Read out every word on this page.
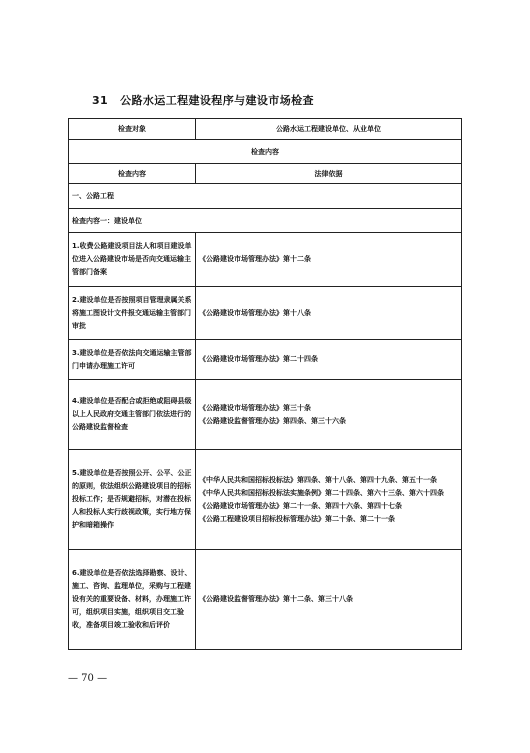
31 公路水运工程建设程序与建设市场检查
检查对象	公路水运工程建设单位、从业单位
检查内容	
检查内容	法律依据
一、公路工程	
检查内容一：建设单位	
1.收费公路建设项目法人和项目建设单位进入公路建设市场是否向交通运输主管部门备案	《公路建设市场管理办法》第十二条

2.建设单位是否按照项目管理隶属关系将施工图设计文件报交通运输主管部门审批	《公路建设市场管理办法》第十八条

3.建设单位是否依法向交通运输主管部门申请办理施工许可	《公路建设市场管理办法》第二十四条

4.建设单位是否配合或拒绝或阻碍县级以上人民政府交通主管部门依法进行的公路建设监督检查	《公路建设市场管理办法》第三十条
《公路建设监督管理办法》第四条、第三十六条

5.建设单位是否按照公开、公平、公正的原则，依法组织公路建设项目的招标投标工作；是否规避招标，对潜在投标人和投标人实行歧视政策，实行地方保护和暗箱操作	《中华人民共和国招标投标法》第四条、第十八条、第四十九条、第五十一条
《中华人民共和国招标投标法实施条例》第二十四条、第六十三条、第六十四条
《公路建设市场管理办法》第二十一条、第四十六条、第四十七条
《公路工程建设项目招标投标管理办法》第二十条、第二十一条

6.建设单位是否依法选择勘察、设计、施工、咨询、监理单位，采购与工程建设有关的重要设备、材料，办理施工许可，组织项目实施，组织项目交工验收，准备项目竣工验收和后评价	《公路建设监督管理办法》第十二条、第三十八条
— 70 —
